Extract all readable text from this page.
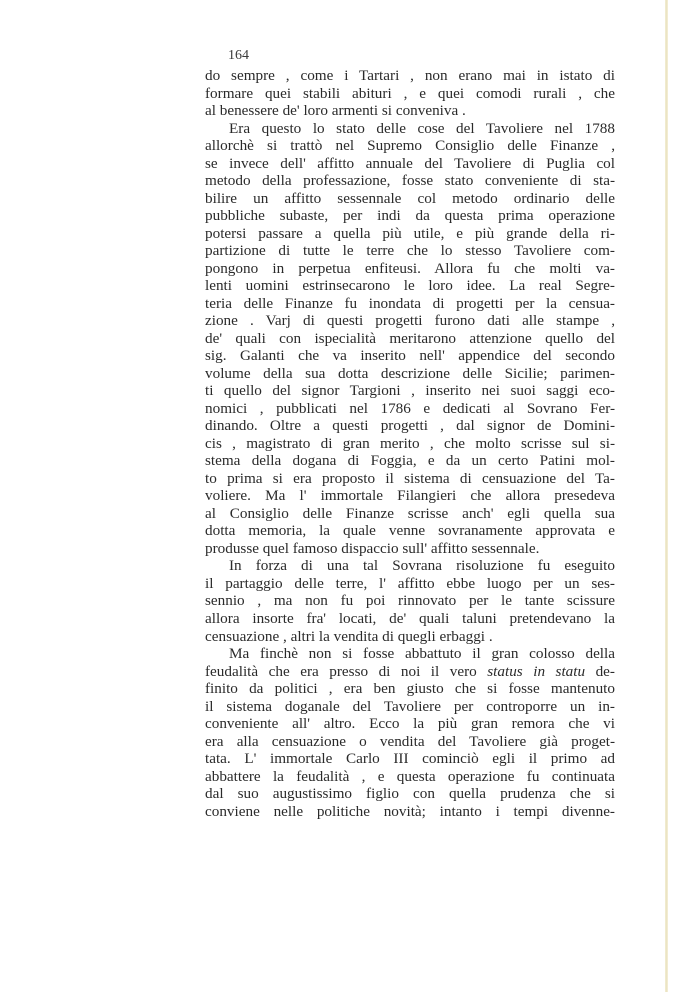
164
do sempre , come i Tartari , non erano mai in istato di
formare quei stabili abituri , e quei comodi rurali , che
al benessere de' loro armenti si conveniva .
Era questo lo stato delle cose del Tavoliere nel 1788
allorchè si trattò nel Supremo Consiglio delle Finanze ,
se invece dell' affitto annuale del Tavoliere di Puglia col
metodo della professazione, fosse stato conveniente di sta-
bilire un affitto sessennale col metodo ordinario delle
pubbliche subaste, per indi da questa prima operazione
potersi passare a quella più utile, e più grande della ri-
partizione di tutte le terre che lo stesso Tavoliere com-
pongono in perpetua enfiteusi. Allora fu che molti va-
lenti uomini estrinsecarono le loro idee. La real Segre-
teria delle Finanze fu inondata di progetti per la censua-
zione . Varj di questi progetti furono dati alle stampe ,
de' quali con ispecialità meritarono attenzione quello del
sig. Galanti che va inserito nell' appendice del secondo
volume della sua dotta descrizione delle Sicilie; parimen-
ti quello del signor Targioni , inserito nei suoi saggi eco-
nomici , pubblicati nel 1786 e dedicati al Sovrano Fer-
dinando. Oltre a questi progetti , dal signor de Domini-
cis , magistrato di gran merito , che molto scrisse sul si-
stema della dogana di Foggia, e da un certo Patini mol-
to prima si era proposto il sistema di censuazione del Ta-
voliere. Ma l' immortale Filangieri che allora presedeva
al Consiglio delle Finanze scrisse anch' egli quella sua
dotta memoria, la quale venne sovranamente approvata e
produsse quel famoso dispaccio sull' affitto sessennale.
In forza di una tal Sovrana risoluzione fu eseguito
il partaggio delle terre, l' affitto ebbe luogo per un ses-
sennio , ma non fu poi rinnovato per le tante scissure
allora insorte fra' locati, de' quali taluni pretendevano la
censuazione , altri la vendita di quegli erbaggi .
Ma finchè non si fosse abbattuto il gran colosso della
feudalità che era presso di noi il vero status in statu de-
finito da politici , era ben giusto che si fosse mantenuto
il sistema doganale del Tavoliere per controporre un in-
conveniente all' altro. Ecco la più gran remora che vi
era alla censuazione o vendita del Tavoliere già proget-
tata. L' immortale Carlo III cominciò egli il primo ad
abbattere la feudalità , e questa operazione fu continuata
dal suo augustissimo figlio con quella prudenza che si
conviene nelle politiche novità; intanto i tempi divenne-
